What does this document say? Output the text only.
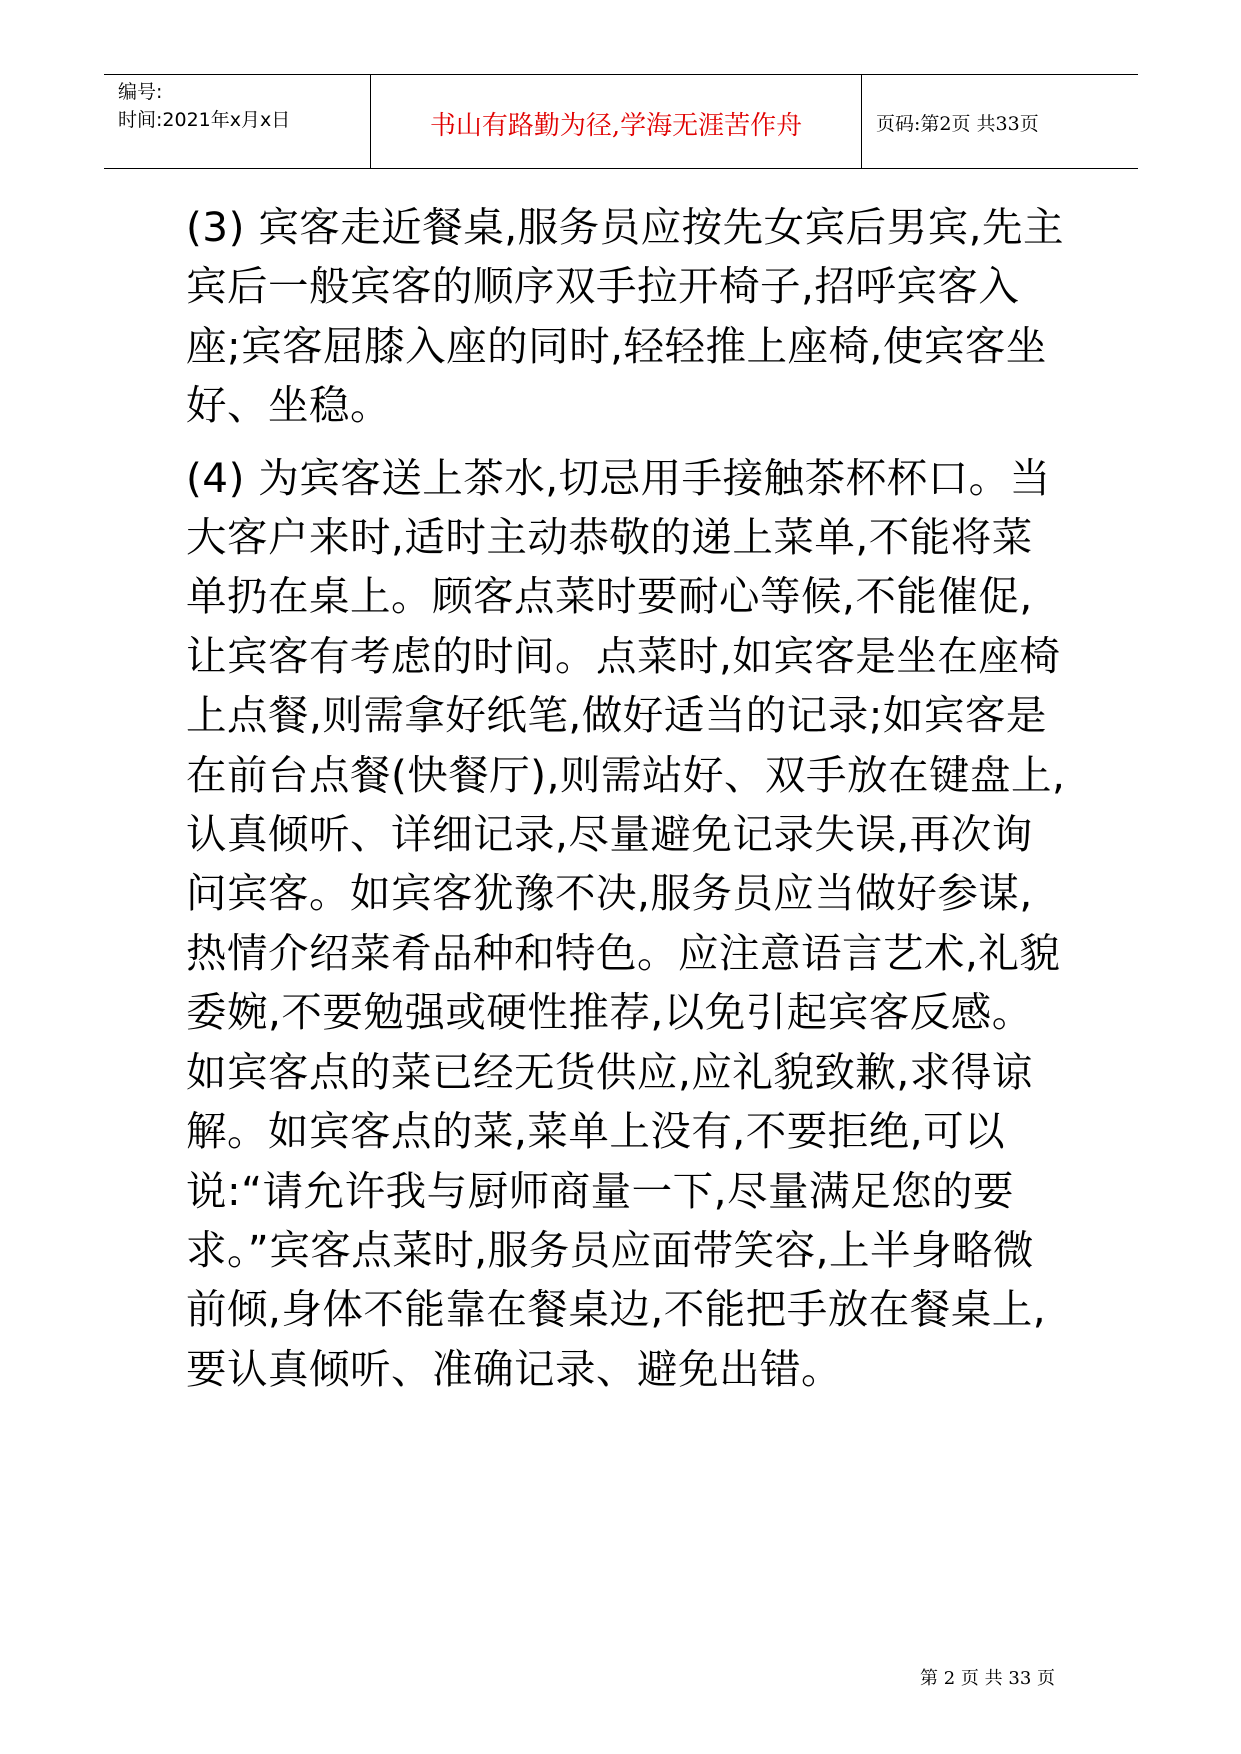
编号:
时间:2021年x月x日	书山有路勤为径,学海无涯苦作舟	页码:第2页 共33页

(3) 宾客走近餐桌,服务员应按先女宾后男宾,先主宾后一般宾客的顺序双手拉开椅子,招呼宾客入座;宾客屈膝入座的同时,轻轻推上座椅,使宾客坐好、坐稳。

(4) 为宾客送上茶水,切忌用手接触茶杯杯口。当大客户来时,适时主动恭敬的递上菜单,不能将菜单扔在桌上。顾客点菜时要耐心等候,不能催促,让宾客有考虑的时间。点菜时,如宾客是坐在座椅上点餐,则需拿好纸笔,做好适当的记录;如宾客是在前台点餐(快餐厅),则需站好、双手放在键盘上,认真倾听、详细记录,尽量避免记录失误,再次询问宾客。如宾客犹豫不决,服务员应当做好参谋,热情介绍菜肴品种和特色。应注意语言艺术,礼貌委婉,不要勉强或硬性推荐,以免引起宾客反感。如宾客点的菜已经无货供应,应礼貌致歉,求得谅解。如宾客点的菜,菜单上没有,不要拒绝,可以说:“请允许我与厨师商量一下,尽量满足您的要求。”宾客点菜时,服务员应面带笑容,上半身略微前倾,身体不能靠在餐桌边,不能把手放在餐桌上,要认真倾听、准确记录、避免出错。

第 2 页 共 33 页
